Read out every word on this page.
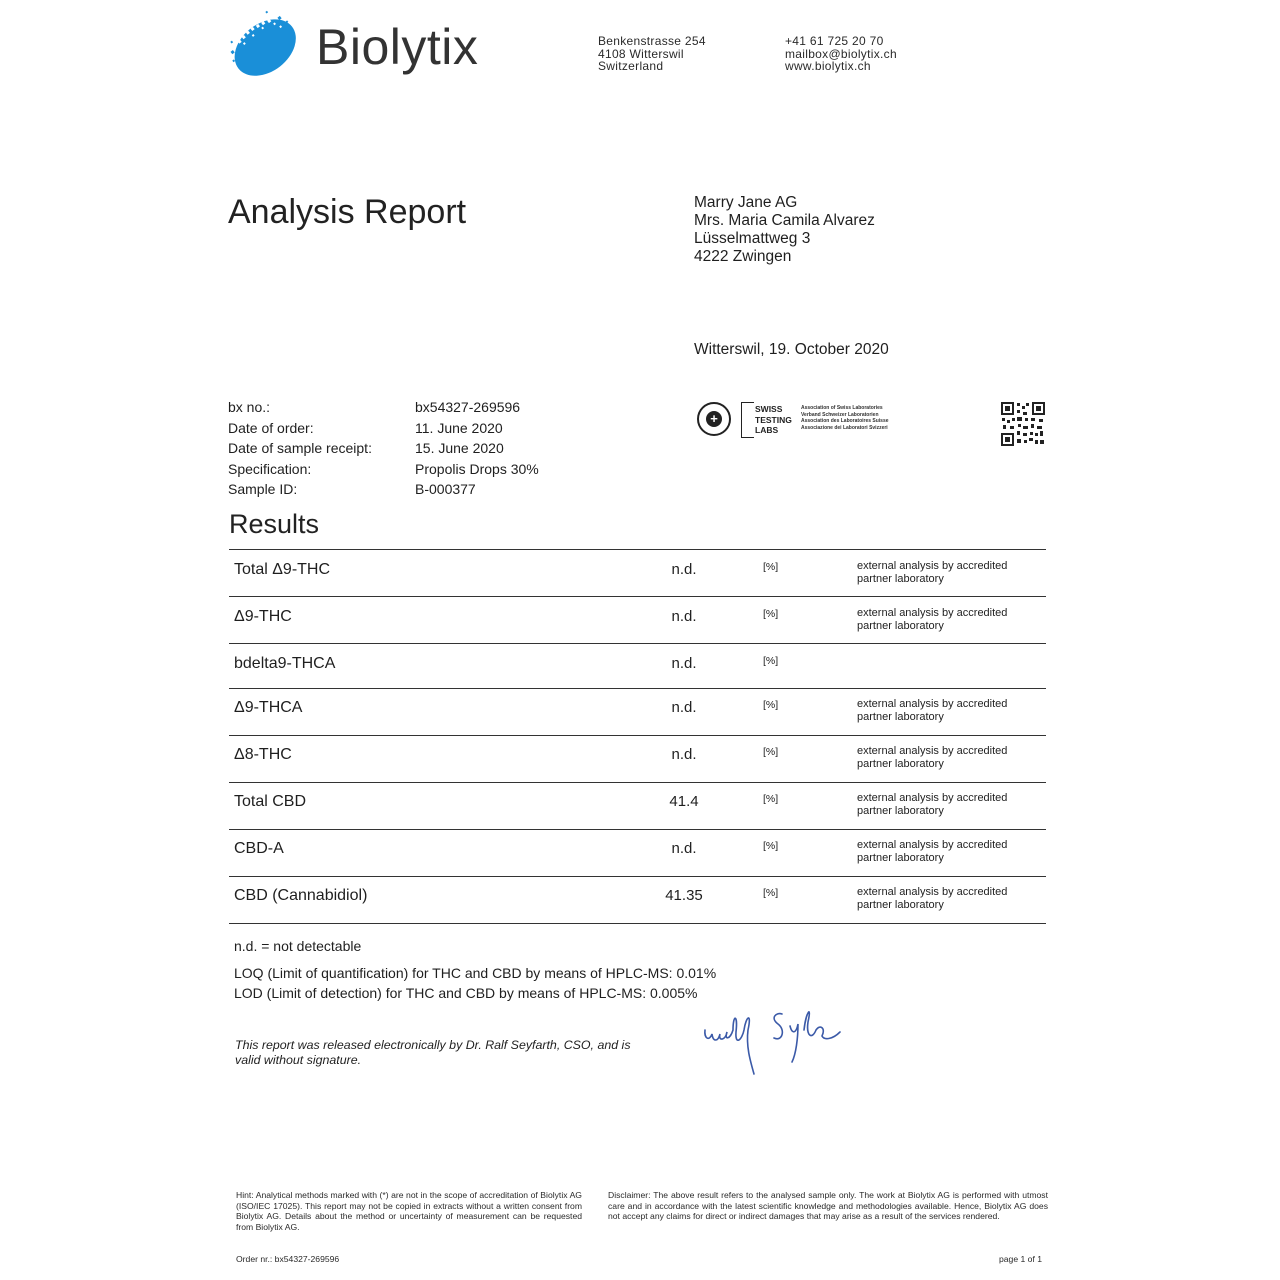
Biolytix	Benkenstrasse 254
4108 Witterswil
Switzerland
+41 61 725 20 70
mailbox@biolytix.ch
www.biolytix.ch
Analysis Report	Marry Jane AG
Mrs. Maria Camila Alvarez
Lüsselmattweg 3
4222 Zwingen
Witterswil, 19. October 2020
bx no.:	bx54327-269596
Date of order:	11. June 2020
Date of sample receipt:	15. June 2020
Specification:	Propolis Drops 30%
Sample ID:	B-000377
+
SWISS
TESTING
LABS
Association of Swiss Laboratories
Verband Schweizer Laboratorien
Association des Laboratoires Suisse
Associazione dei Laboratori Svizzeri
Results
Total Δ9-THC	n.d.	[%]	external analysis by accredited
partner laboratory
Δ9-THC	n.d.	[%]	external analysis by accredited
partner laboratory
bdelta9-THCA	n.d.	[%]
Δ9-THCA	n.d.	[%]	external analysis by accredited
partner laboratory
Δ8-THC	n.d.	[%]	external analysis by accredited
partner laboratory
Total CBD	41.4	[%]	external analysis by accredited
partner laboratory
CBD-A	n.d.	[%]	external analysis by accredited
partner laboratory
CBD (Cannabidiol)	41.35	[%]	external analysis by accredited
partner laboratory
n.d. = not detectable
LOQ (Limit of quantification) for THC and CBD by means of HPLC-MS: 0.01%
LOD (Limit of detection) for THC and CBD by means of HPLC-MS: 0.005%
This report was released electronically by Dr. Ralf Seyfarth, CSO, and is
valid without signature.
Hint: Analytical methods marked with (*) are not in the scope of accreditation of Biolytix AG (ISO/IEC 17025). This report may not be copied in extracts without a written consent from Biolytix AG. Details about the method or uncertainty of measurement can be requested from Biolytix AG.
Disclaimer: The above result refers to the analysed sample only. The work at Biolytix AG is performed with utmost care and in accordance with the latest scientific knowledge and methodologies available. Hence, Biolytix AG does not accept any claims for direct or indirect damages that may arise as a result of the services rendered.
Order nr.: bx54327-269596	page 1 of 1
